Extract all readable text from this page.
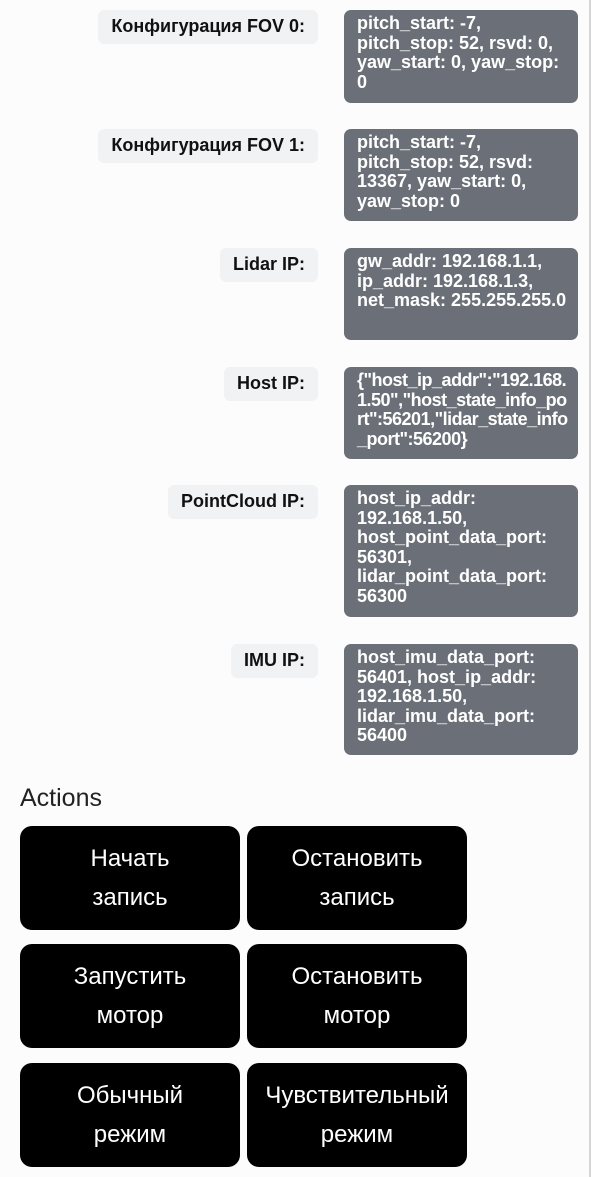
Конфигурация FOV 0:	pitch_start: -7, pitch_stop: 52, rsvd: 0, yaw_start: 0, yaw_stop: 0
Конфигурация FOV 1:	pitch_start: -7, pitch_stop: 52, rsvd: 13367, yaw_start: 0, yaw_stop: 0
Lidar IP:	gw_addr: 192.168.1.1, ip_addr: 192.168.1.3, net_mask: 255.255.255.0
Host IP:	{"host_ip_addr":"192.168.1.50","host_state_info_port":56201,"lidar_state_info_port":56200}
PointCloud IP:	host_ip_addr: 192.168.1.50, host_point_data_port: 56301, lidar_point_data_port: 56300
IMU IP:	host_imu_data_port: 56401, host_ip_addr: 192.168.1.50, lidar_imu_data_port: 56400
Actions
Начать
запись
Остановить
запись
Запустить
мотор
Остановить
мотор
Обычный
режим
Чувствительный
режим
